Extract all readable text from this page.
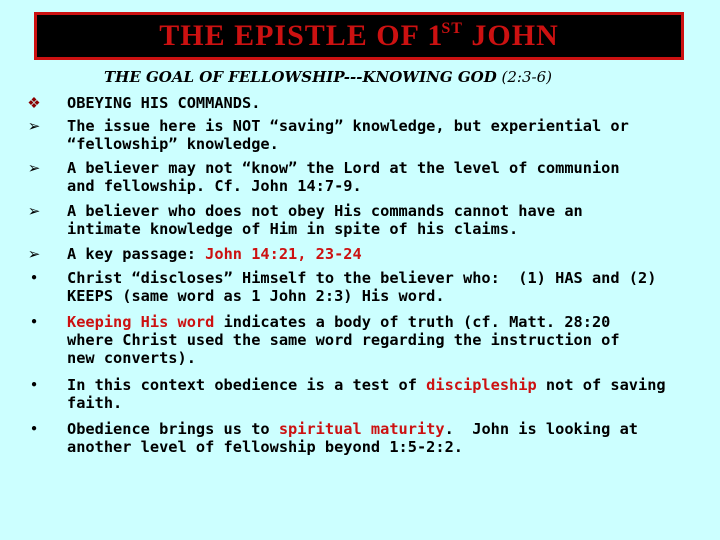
THE EPISTLE OF 1ST JOHN
THE GOAL OF FELLOWSHIP---KNOWING GOD (2:3-6)
❖ OBEYING HIS COMMANDS.
➢ The issue here is NOT “saving” knowledge, but experiential or
“fellowship” knowledge.
➢ A believer may not “know” the Lord at the level of communion
and fellowship. Cf. John 14:7-9.
➢ A believer who does not obey His commands cannot have an
intimate knowledge of Him in spite of his claims.
➢ A key passage: John 14:21, 23-24
•	Christ “discloses” Himself to the believer who:  (1) HAS and (2)
KEEPS (same word as 1 John 2:3) His word.
•	Keeping His word indicates a body of truth (cf. Matt. 28:20
where Christ used the same word regarding the instruction of
new converts).
•	In this context obedience is a test of discipleship not of saving
faith.
•	Obedience brings us to spiritual maturity.  John is looking at
another level of fellowship beyond 1:5-2:2.
